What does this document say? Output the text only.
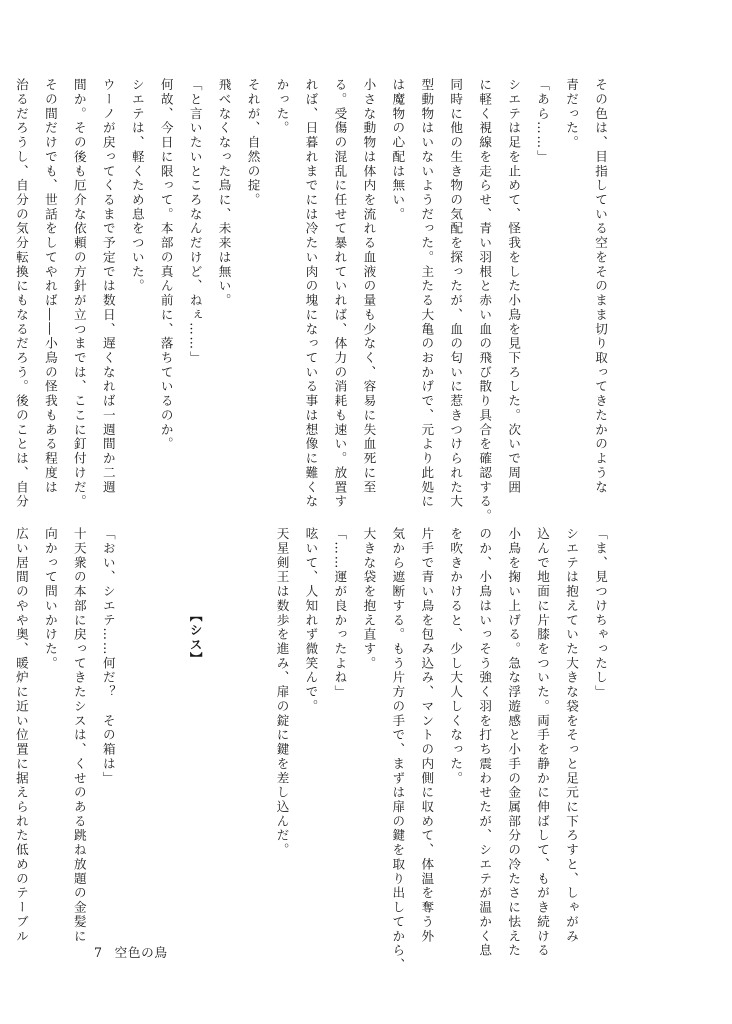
その色は、目指している空をそのまま切り取ってきたかのような

青だった。

「あら……」

シエテは足を止めて、怪我をした小鳥を見下ろした。次いで周囲

に軽く視線を走らせ、青い羽根と赤い血の飛び散り具合を確認する。

同時に他の生き物の気配を探ったが、血の匂いに惹きつけられた大

型動物はいないようだった。主たる大亀のおかげで、元より此処に

は魔物の心配は無い。

小さな動物は体内を流れる血液の量も少なく、容易に失血死に至

る。受傷の混乱に任せて暴れていれば、体力の消耗も速い。放置す

れば、日暮れまでには冷たい肉の塊になっている事は想像に難くな

かった。

それが、自然の掟。

飛べなくなった鳥に、未来は無い。

「と言いたいところなんだけど、ねぇ……」

何故、今日に限って。本部の真ん前に、落ちているのか。

シエテは、軽くため息をついた。

ウーノが戻ってくるまで予定では数日、遅くなれば一週間か二週

間か。その後も厄介な依頼の方針が立つまでは、ここに釘付けだ。

その間だけでも、世話をしてやれば――小鳥の怪我もある程度は

治るだろうし、自分の気分転換にもなるだろう。後のことは、自分

「ま、見つけちゃったし」

シエテは抱えていた大きな袋をそっと足元に下ろすと、しゃがみ

込んで地面に片膝をついた。両手を静かに伸ばして、もがき続ける

小鳥を掬い上げる。急な浮遊感と小手の金属部分の冷たさに怯えた

のか、小鳥はいっそう強く羽を打ち震わせたが、シエテが温かく息

を吹きかけると、少し大人しくなった。

片手で青い鳥を包み込み、マントの内側に収めて、体温を奪う外

気から遮断する。もう片方の手で、まずは扉の鍵を取り出してから、

大きな袋を抱え直す。

「……運が良かったよね」

呟いて、人知れず微笑んで。

天星剣王は数歩を進み、扉の錠に鍵を差し込んだ。

【シス】

「おい、シエテ……何だ？　その箱は」

十天衆の本部に戻ってきたシスは、くせのある跳ね放題の金髪に

向かって問いかけた。

広い居間のやや奥、暖炉に近い位置に据えられた低めのテーブル

7 空色の鳥
